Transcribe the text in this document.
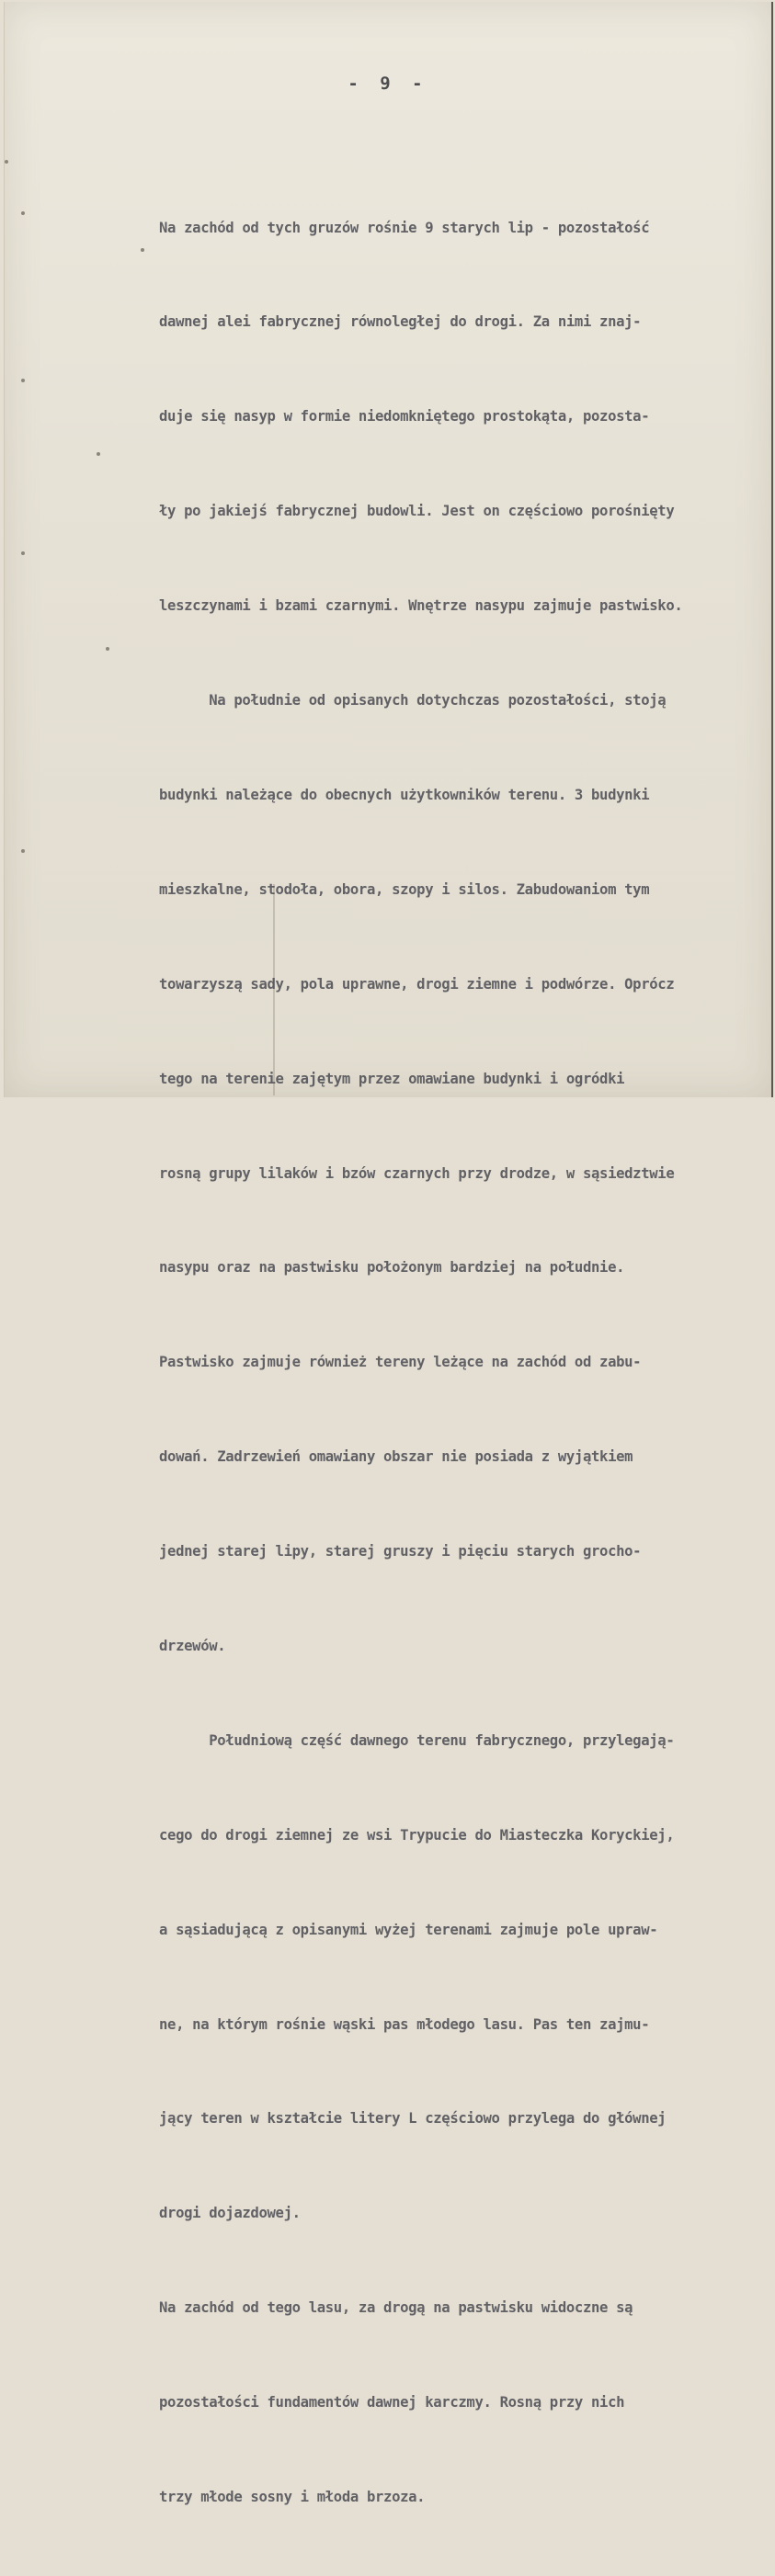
- 9 -

Na zachód od tych gruzów rośnie 9 starych lip - pozostałość

dawnej alei fabrycznej równoległej do drogi. Za nimi znaj-

duje się nasyp w formie niedomkniętego prostokąta, pozosta-

ły po jakiejś fabrycznej budowli. Jest on częściowo porośnięty

leszczynami i bzami czarnymi. Wnętrze nasypu zajmuje pastwisko.

Na południe od opisanych dotychczas pozostałości, stoją

budynki należące do obecnych użytkowników terenu. 3 budynki

mieszkalne, stodoła, obora, szopy i silos. Zabudowaniom tym

towarzyszą sady, pola uprawne, drogi ziemne i podwórze. Oprócz

tego na terenie zajętym przez omawiane budynki i ogródki

rosną grupy lilaków i bzów czarnych przy drodze, w sąsiedztwie

nasypu oraz na pastwisku położonym bardziej na południe.

Pastwisko zajmuje również tereny leżące na zachód od zabu-

dowań. Zadrzewień omawiany obszar nie posiada z wyjątkiem

jednej starej lipy, starej gruszy i pięciu starych grocho-

drzewów.

Południową część dawnego terenu fabrycznego, przylegają-

cego do drogi ziemnej ze wsi Trypucie do Miasteczka Koryckiej,

a sąsiadującą z opisanymi wyżej terenami zajmuje pole upraw-

ne, na którym rośnie wąski pas młodego lasu. Pas ten zajmu-

jący teren w kształcie litery L częściowo przylega do głównej

drogi dojazdowej.

Na zachód od tego lasu, za drogą na pastwisku widoczne są

pozostałości fundamentów dawnej karczmy. Rosną przy nich

trzy młode sosny i młoda brzoza.
